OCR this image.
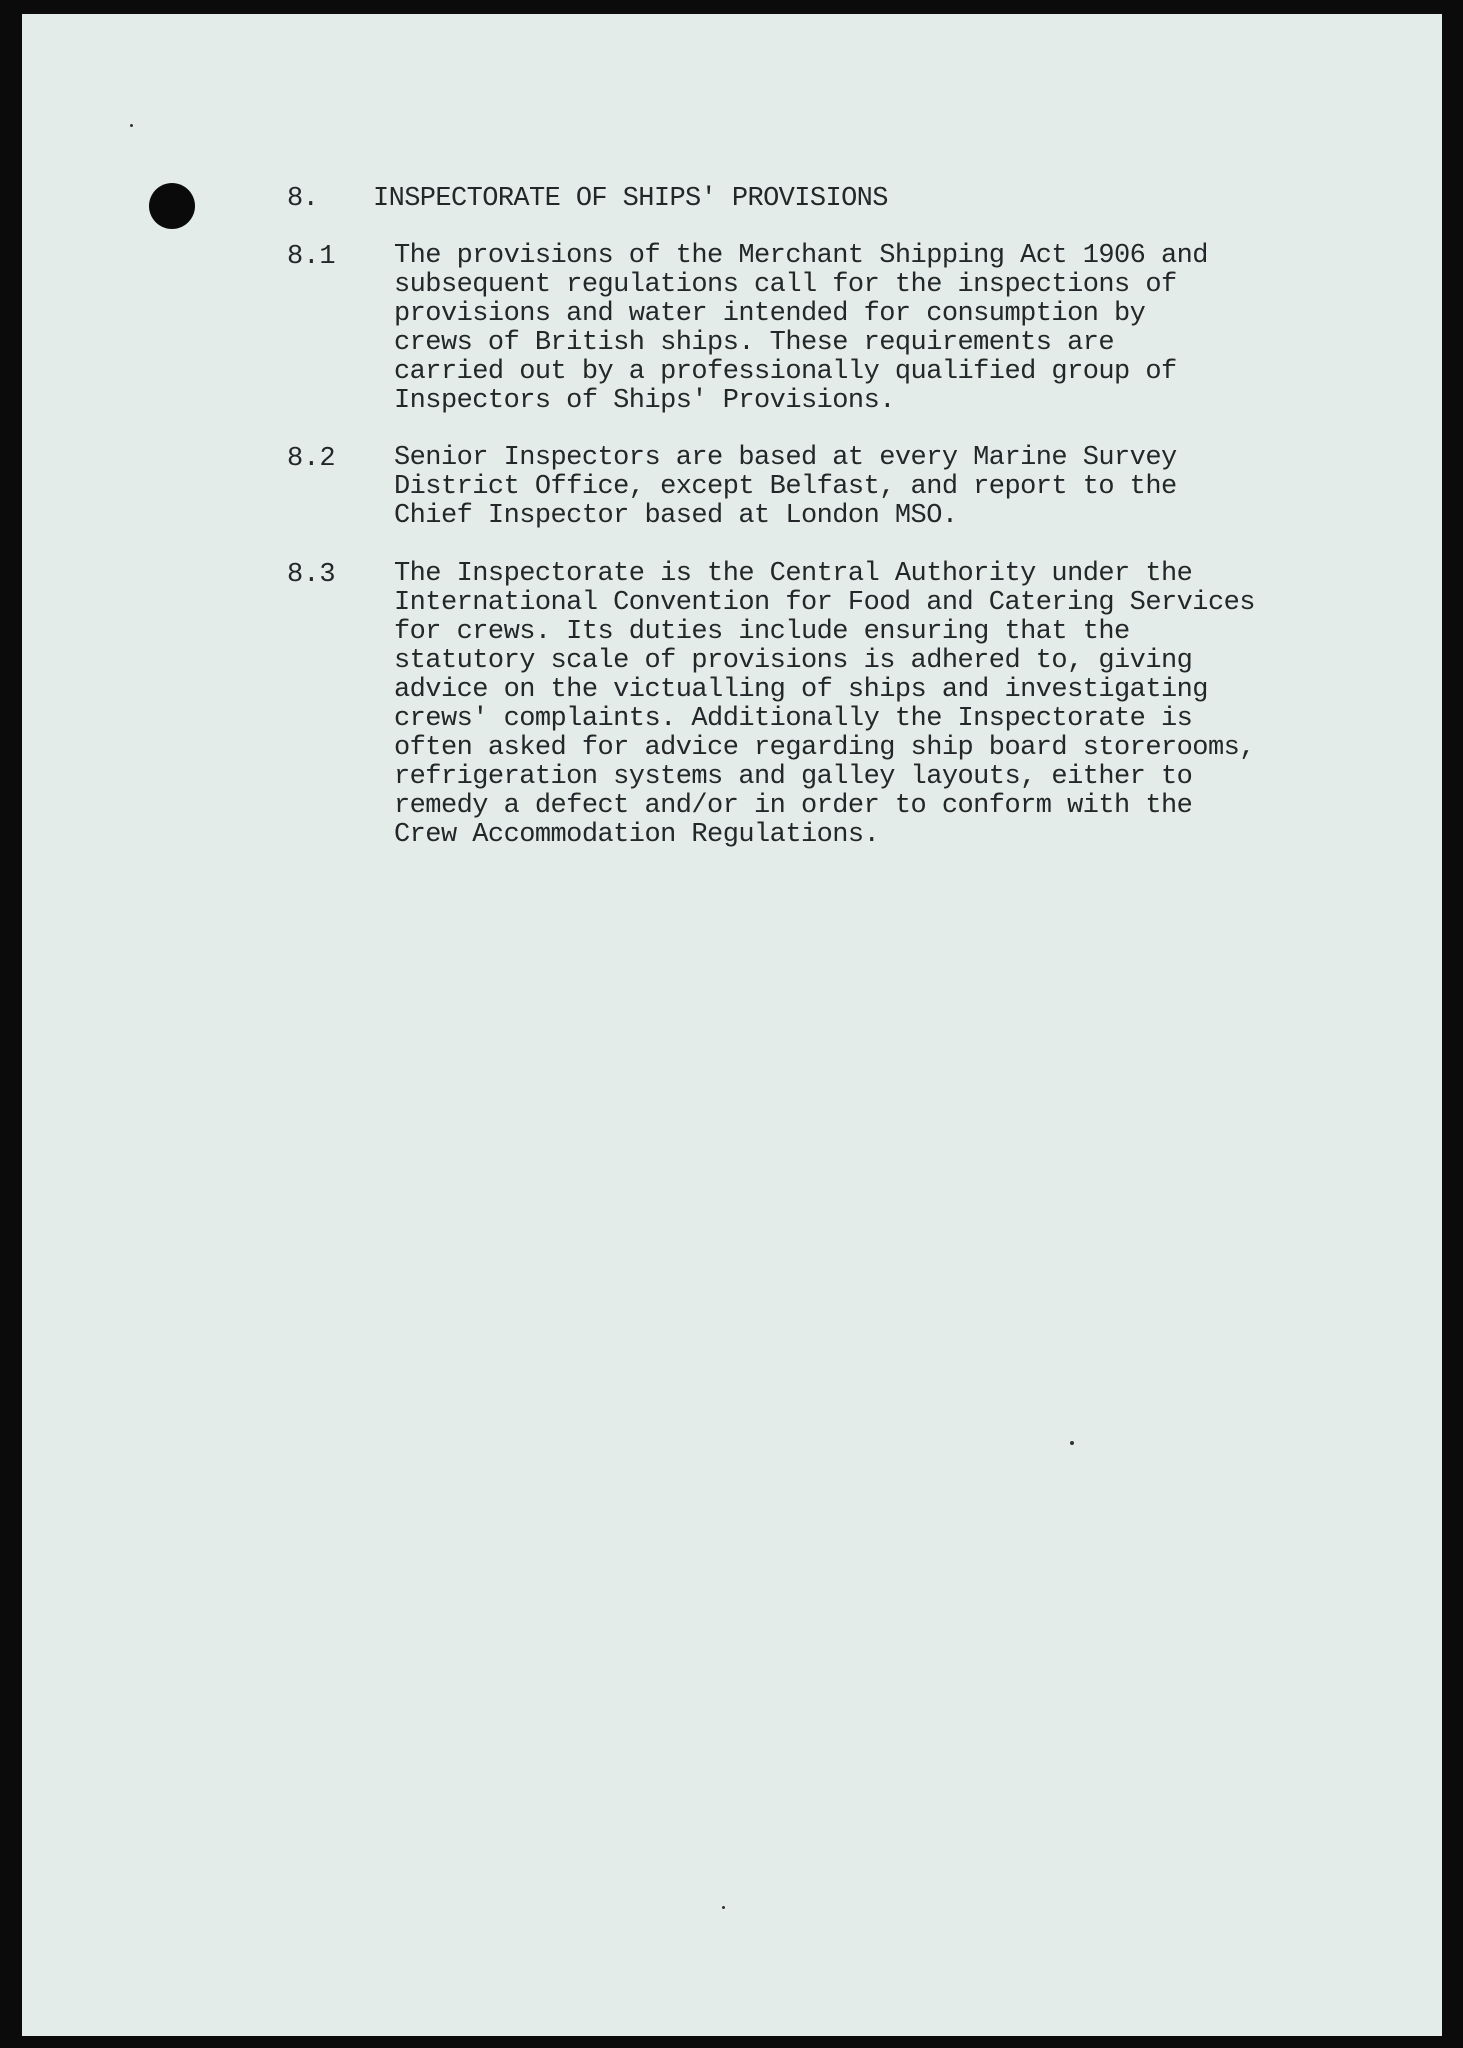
8. INSPECTORATE OF SHIPS' PROVISIONS
8.1 The provisions of the Merchant Shipping Act 1906 and
subsequent regulations call for the inspections of
provisions and water intended for consumption by
crews of British ships. These requirements are
carried out by a professionally qualified group of
Inspectors of Ships' Provisions.
8.2 Senior Inspectors are based at every Marine Survey
District Office, except Belfast, and report to the
Chief Inspector based at London MSO.
8.3 The Inspectorate is the Central Authority under the
International Convention for Food and Catering Services
for crews. Its duties include ensuring that the
statutory scale of provisions is adhered to, giving
advice on the victualling of ships and investigating
crews' complaints. Additionally the Inspectorate is
often asked for advice regarding ship board storerooms,
refrigeration systems and galley layouts, either to
remedy a defect and/or in order to conform with the
Crew Accommodation Regulations.
